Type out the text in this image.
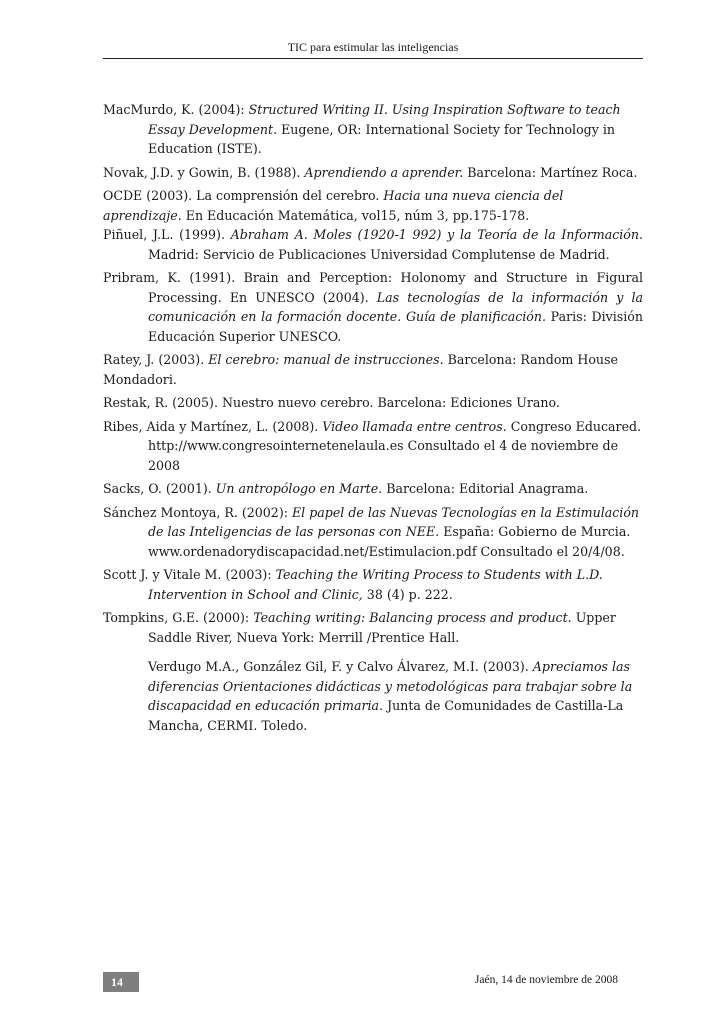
TIC para estimular las inteligencias

MacMurdo, K. (2004): Structured Writing II. Using Inspiration Software to teach Essay Development. Eugene, OR: International Society for Technology in Education (ISTE).

Novak, J.D. y Gowin, B. (1988). Aprendiendo a aprender. Barcelona: Martínez Roca.

OCDE (2003). La comprensión del cerebro. Hacia una nueva ciencia del aprendizaje. En Educación Matemática, vol15, núm 3, pp.175-178.

Piñuel, J.L. (1999). Abraham A. Moles (1920-1 992) y la Teoría de la Información. Madrid: Servicio de Publicaciones Universidad Complutense de Madrid.

Pribram, K. (1991). Brain and Perception: Holonomy and Structure in Figural Processing. En UNESCO (2004). Las tecnologías de la información y la comunicación en la formación docente. Guía de planificación. Paris: División Educación Superior UNESCO.

Ratey, J. (2003). El cerebro: manual de instrucciones. Barcelona: Random House Mondadori.

Restak, R. (2005). Nuestro nuevo cerebro. Barcelona: Ediciones Urano.

Ribes, Aida y Martínez, L. (2008). Video llamada entre centros. Congreso Educared. http://www.congresointernetenelaula.es Consultado el 4 de noviembre de 2008

Sacks, O. (2001). Un antropólogo en Marte. Barcelona: Editorial Anagrama.

Sánchez Montoya, R. (2002): El papel de las Nuevas Tecnologías en la Estimulación de las Inteligencias de las personas con NEE. España: Gobierno de Murcia. www.ordenadorydiscapacidad.net/Estimulacion.pdf Consultado el 20/4/08.

Scott J. y Vitale M. (2003): Teaching the Writing Process to Students with L.D. Intervention in School and Clinic, 38 (4) p. 222.

Tompkins, G.E. (2000): Teaching writing: Balancing process and product. Upper Saddle River, Nueva York: Merrill /Prentice Hall.

Verdugo M.A., González Gil, F. y Calvo Álvarez, M.I. (2003). Apreciamos las diferencias Orientaciones didácticas y metodológicas para trabajar sobre la discapacidad en educación primaria. Junta de Comunidades de Castilla-La Mancha, CERMI. Toledo.

14	Jaén, 14 de noviembre de 2008
